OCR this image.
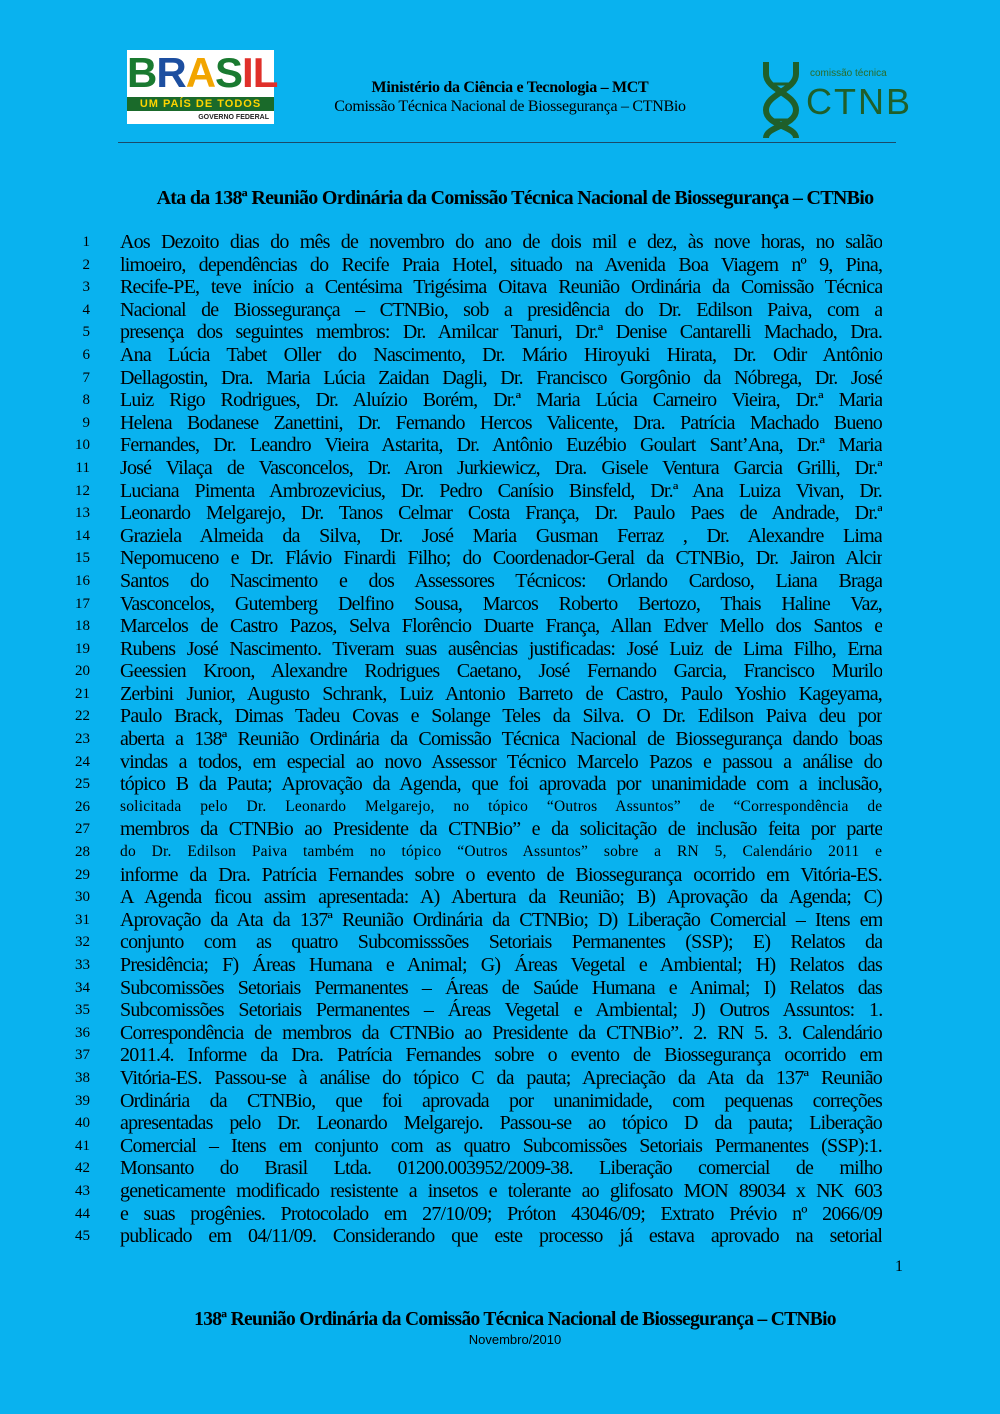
BRASIL
UM PAÍS DE TODOS
GOVERNO FEDERAL
Ministério da Ciência e Tecnologia – MCT
Comissão Técnica Nacional de Biossegurança – CTNBio
comissão técnica
CTNB
Ata da 138ª Reunião Ordinária da Comissão Técnica Nacional de Biossegurança – CTNBio
1 Aos Dezoito dias do mês de novembro do ano de dois mil e dez, às nove horas, no salão
2 limoeiro, dependências do Recife Praia Hotel, situado na Avenida Boa Viagem nº 9, Pina,
3 Recife-PE, teve início a Centésima Trigésima Oitava Reunião Ordinária da Comissão Técnica
4 Nacional de Biossegurança – CTNBio, sob a presidência do Dr. Edilson Paiva, com a
5 presença dos seguintes membros: Dr. Amilcar Tanuri, Dr.ª Denise Cantarelli Machado, Dra.
6 Ana Lúcia Tabet Oller do Nascimento, Dr. Mário Hiroyuki Hirata, Dr. Odir Antônio
7 Dellagostin, Dra. Maria Lúcia Zaidan Dagli, Dr. Francisco Gorgônio da Nóbrega, Dr. José
8 Luiz Rigo Rodrigues, Dr. Aluízio Borém, Dr.ª Maria Lúcia Carneiro Vieira, Dr.ª Maria
9 Helena Bodanese Zanettini, Dr. Fernando Hercos Valicente, Dra. Patrícia Machado Bueno
10 Fernandes, Dr. Leandro Vieira Astarita, Dr. Antônio Euzébio Goulart Sant’Ana, Dr.ª Maria
11 José Vilaça de Vasconcelos, Dr. Aron Jurkiewicz, Dra. Gisele Ventura Garcia Grilli, Dr.ª
12 Luciana Pimenta Ambrozevicius, Dr. Pedro Canísio Binsfeld, Dr.ª Ana Luiza Vivan, Dr.
13 Leonardo Melgarejo, Dr. Tanos Celmar Costa França, Dr. Paulo Paes de Andrade, Dr.ª
14 Graziela Almeida da Silva, Dr. José Maria Gusman Ferraz , Dr. Alexandre Lima
15 Nepomuceno e Dr. Flávio Finardi Filho; do Coordenador-Geral da CTNBio, Dr. Jairon Alcir
16 Santos do Nascimento e dos Assessores Técnicos: Orlando Cardoso, Liana Braga
17 Vasconcelos, Gutemberg Delfino Sousa, Marcos Roberto Bertozo, Thais Haline Vaz,
18 Marcelos de Castro Pazos, Selva Florêncio Duarte França, Allan Edver Mello dos Santos e
19 Rubens José Nascimento. Tiveram suas ausências justificadas: José Luiz de Lima Filho, Erna
20 Geessien Kroon, Alexandre Rodrigues Caetano, José Fernando Garcia, Francisco Murilo
21 Zerbini Junior, Augusto Schrank, Luiz Antonio Barreto de Castro, Paulo Yoshio Kageyama,
22 Paulo Brack, Dimas Tadeu Covas e Solange Teles da Silva. O Dr. Edilson Paiva deu por
23 aberta a 138ª Reunião Ordinária da Comissão Técnica Nacional de Biossegurança dando boas
24 vindas a todos, em especial ao novo Assessor Técnico Marcelo Pazos e passou a análise do
25 tópico B da Pauta; Aprovação da Agenda, que foi aprovada por unanimidade com a inclusão,
26 solicitada pelo Dr. Leonardo Melgarejo, no tópico “Outros Assuntos” de “Correspondência de
27 membros da CTNBio ao Presidente da CTNBio” e da solicitação de inclusão feita por parte
28 do Dr. Edilson Paiva também no tópico “Outros Assuntos” sobre a RN 5, Calendário 2011 e
29 informe da Dra. Patrícia Fernandes sobre o evento de Biossegurança ocorrido em Vitória-ES.
30 A Agenda ficou assim apresentada: A) Abertura da Reunião; B) Aprovação da Agenda; C)
31 Aprovação da Ata da 137ª Reunião Ordinária da CTNBio; D) Liberação Comercial – Itens em
32 conjunto com as quatro Subcomisssões Setoriais Permanentes (SSP); E) Relatos da
33 Presidência; F) Áreas Humana e Animal; G) Áreas Vegetal e Ambiental; H) Relatos das
34 Subcomissões Setoriais Permanentes – Áreas de Saúde Humana e Animal; I) Relatos das
35 Subcomissões Setoriais Permanentes – Áreas Vegetal e Ambiental; J) Outros Assuntos: 1.
36 Correspondência de membros da CTNBio ao Presidente da CTNBio”. 2. RN 5. 3. Calendário
37 2011.4. Informe da Dra. Patrícia Fernandes sobre o evento de Biossegurança ocorrido em
38 Vitória-ES. Passou-se à análise do tópico C da pauta; Apreciação da Ata da 137ª Reunião
39 Ordinária da CTNBio, que foi aprovada por unanimidade, com pequenas correções
40 apresentadas pelo Dr. Leonardo Melgarejo. Passou-se ao tópico D da pauta; Liberação
41 Comercial – Itens em conjunto com as quatro Subcomissões Setoriais Permanentes (SSP):1.
42 Monsanto do Brasil Ltda. 01200.003952/2009-38. Liberação comercial de milho
43 geneticamente modificado resistente a insetos e tolerante ao glifosato MON 89034 x NK 603
44 e suas progênies. Protocolado em 27/10/09; Próton 43046/09; Extrato Prévio nº 2066/09
45 publicado em 04/11/09. Considerando que este processo já estava aprovado na setorial
1
138ª Reunião Ordinária da Comissão Técnica Nacional de Biossegurança – CTNBio
Novembro/2010
